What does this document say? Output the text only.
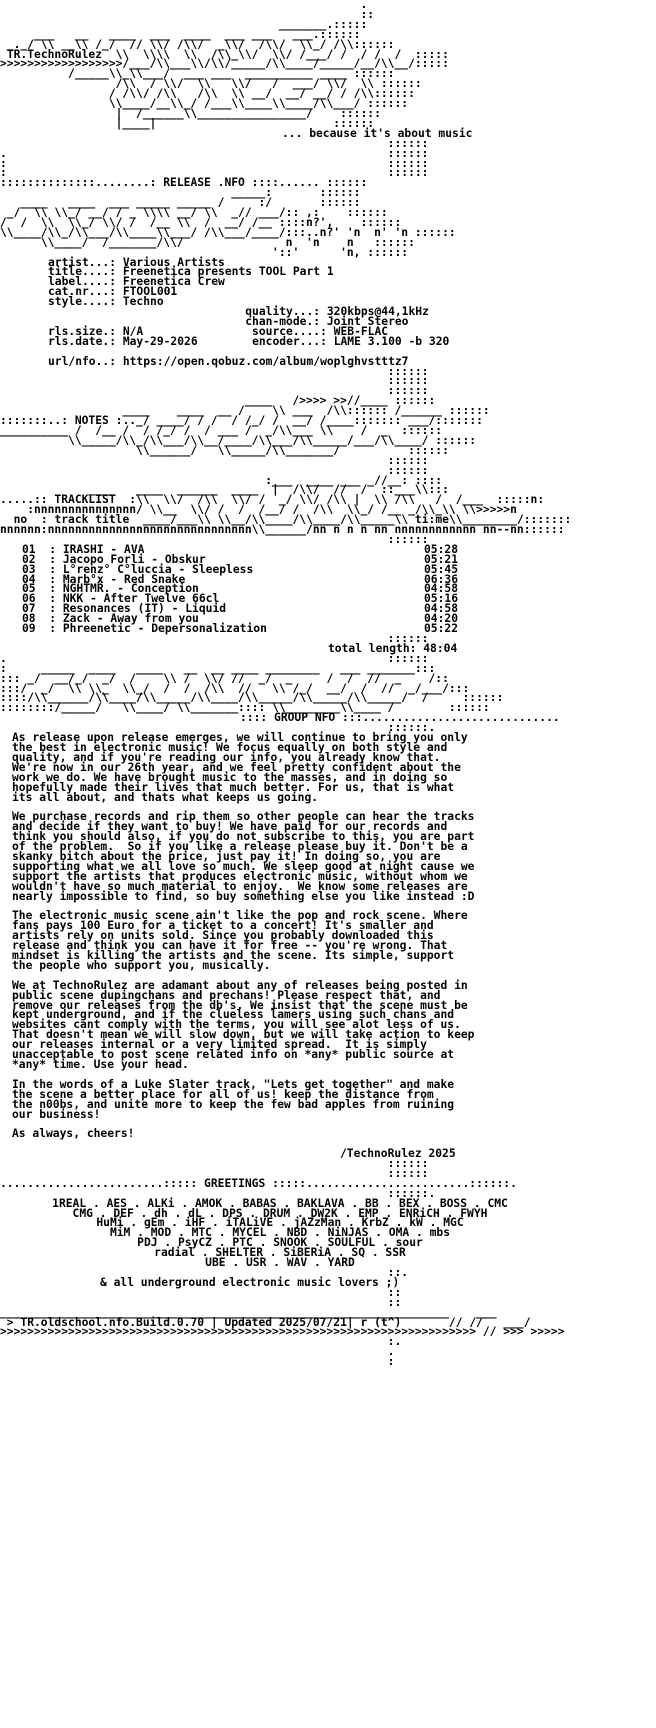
.
::
_______.:::::
___   __   ____  ___  ____  ___ ___   ___.::::::
_._/ \\ __\\ /_/  // \\/ /\\/  _\\/  /\\/  \\_/ /\\::::::

TR.TechnoRulez  \\  \\\\  \\  /\\_\\/  \\/ /___/ /  / /  /  :::::
>>>>>>>>>>>>>>>>>>/___/\\___\\/\\/_____/\\____/_____/__/\\__/:::::
/_____\\_\\___/  ___ ___  __________ ____ ::::::
/\\  / \\/  \\   \\/   /  ___/ \\/  \\ ::::::
/ /\\/ /\\   /\\  \\ __/  __/ __/ / /\\::::::
\\____/__\\_/ /___\\____\\____/\\___/ ::::::
|  /______\\________________/    ::::::
|____|                          ::::::

... because it's about music
::::::
.                                                        ::::::
:                                                        ::::::
:                                                        ::::::

::::::::::::::........: RELEASE .NFO ::::...... ::::::
_____:       ::::::
____   ____  ___ _____ _____ /     :/       ::::::
_/  \\ \\_/ __/ / _ \\\\ __/ \\  _// ___/:: ,:    ::::::
/  /  \\  \\_/ \\/ /  /__ \\  /  __/ /__ ::::n?',    ::::::
\\____/\\_/\\___/\\____\\___/ /\\___/____/:::..n?' 'n  n' 'n ::::::
\\____/  /_______/\\/               n  'n    n   ::::::
'::'      'n, ::::::

artist...: Various Artists
title....: Freenetica presents TOOL Part 1
label....: Freenetica Crew
cat.nr...: FTOOL001
style....: Techno
quality...: 320kbps@44,1kHz
chan-mode.: Joint Stereo
rls.size.: N/A                source....: WEB-FLAC
rls.date.: May-29-2026        encoder...: LAME 3.100 -b 320

url/nfo..: https://open.qobuz.com/album/woplghvstttz7
::::::
::::::
::::::

____   />>>> >>//____ ::::::
____    ____  __ /    \\ ___  /\\:::::: /______ ::::::

:::::::..: NOTES :.._/ ____/ / /  / /_/ /  __/ /____::::::: ___/:::::::
__________ /  /__ /  / /_/ /  / ___ /  _/\\___ \\    /  _  ::::::
\\_____/\\_/\\___/\\__/____/\\___/\\_____/___/\\____/ ::::::
\\______/   \\_____/\\_______/          ::::::
::::::
::::::

:___  ____ ___ _//__: ::::
____   ____  ______  ____  |  /\\/  //  /  ::___\\:::

.....:: TRACKLIST  :\\  \\/  /\\  \\/ /  _/ \\/ /\\ |  \\ /\\   /  /___  :::::n:
:nnnnnnnnnnnnnnn/ \\__  \\/ /  /  /__/ /  /\\  \\_/ /__ _/\\_\\ \\>>>>>n
no  : track title  ____/___\\ \\__/\\____/\\____/\\_____\\ ti:me\\________/:::::::
nnnnnn:nnnnnnnnnnnnnnnnnnnnnnnnnnnnnn\\______/nn n n n nn nnnnnnnnnnnn nn--nn::::::
::::::
01  : IRASHI - AVA	05:28
02  : Jacopo Forli - Obskur	05:21
03  : L°renz° C°luccia - Sleepless	05:45
04  : Marb°x - Red Snake	06:36
05  : NGHTMR. - Conception	04:58
06  : NKK - After Twelve 66cl	05:16
07  : Resonances (IT) - Liquid	04:58
08  : Zack - Away from you	04:20
09  : Phreenetic - Depersonalization	05:22
::::::
total length: 48:04
.                                                        ::::::
:     _____  ____   ____   __  __ ____ ________   ___ _______:::
::: _/  __/_/  _/  /    \\ /  \\/ //  _/  _     /  /  //  _    /::
:::/  _/  \\ \\_  \\_/  /  /  /\\  //   \\ /_/  __/  /  //  _/___/:::
::::/\\______/\\____/\\_____/\\____/\\_____/\\_____/\\_____/  /     ::::::
::::::::/_____/   \\____/ \\_______:::: \\________\\____ /        ::::::

:::: GROUP NFO :::.............................
::::::.
As release upon release emerges, we will continue to bring you only
the best in electronic music! We focus equally on both style and
quality, and if you're reading our info, you already know that.
We're now in our 26th year, and we feel pretty confident about the
work we do. We have brought music to the masses, and in doing so
hopefully made their lives that much better. For us, that is what
its all about, and thats what keeps us going.

We purchase records and rip them so other people can hear the tracks
and decide if they want to buy! We have paid for our records and
think you should also, if you do not subscribe to this, you are part
of the problem.  So if you like a release please buy it. Don't be a
skanky bitch about the price, just pay it! In doing so, you are
supporting what we all love so much. We sleep good at night cause we
support the artists that produces electronic music, without whom we
wouldn't have so much material to enjoy.  We know some releases are
nearly impossible to find, so buy something else you like instead :D

The electronic music scene ain't like the pop and rock scene. Where
fans pays 100 Euro for a ticket to a concert! It's smaller and
artists rely on units sold. Since you probably downloaded this
release and think you can have it for free -- you're wrong. That
mindset is killing the artists and the scene. Its simple, support
the people who support you, musically.

We at TechnoRulez are adamant about any of releases being posted in
public scene dupingchans and prechans! Please respect that, and
remove our releases from the db's. We insist that the scene must be
kept underground, and if the clueless lamers using such chans and
websites cant comply with the terms, you will see alot less of us.
That doesn't mean we will slow down, but we will take action to keep
our releases internal or a very limited spread.  It is simply
unacceptable to post scene related info on *any* public source at
*any* time. Use your head.

In the words of a Luke Slater track, "Lets get together" and make
the scene a better place for all of us! keep the distance from
the n00bs, and unite more to keep the few bad apples from ruining
our business!

As always, cheers!

/TechnoRulez 2025
::::::
::::::

........................::::: GREETINGS :::::........................::::::.
::::::.
1REAL . AES . ALKi . AMOK . BABAS . BAKLAVA . BB . BEX . BOSS . CMC
CMG . DEF . dh . dL . DPS . DRUM . DW2K . EMP . ENRiCH . FWYH
HuMi . gEm . iHF . iTALiVE . jAZzMan . KrbZ . kW . MGC
MiM . MOD . MTC . MYCEL . NBD . NiNJAS . OMA . mbs
PDJ . PsyCZ . PTC . SNOOK . SOULFUL . sour
radial . SHELTER . SiBERiA . SQ . SSR
UBE . USR . WAV . YARD
::.
& all underground electronic music lovers ;)
::
::

__________________________________________________________________    ___
> TR.oldschool.nfo.Build.0.70 | Updated 2025/07/21| r (t^)       // //   ___/
>>>>>>>>>>>>>>>>>>>>>>>>>>>>>>>>>>>>>>>>>>>>>>>>>>>>>>>>>>>>>>>>>>>>>> // >>> >>>>>
:.
.
:
